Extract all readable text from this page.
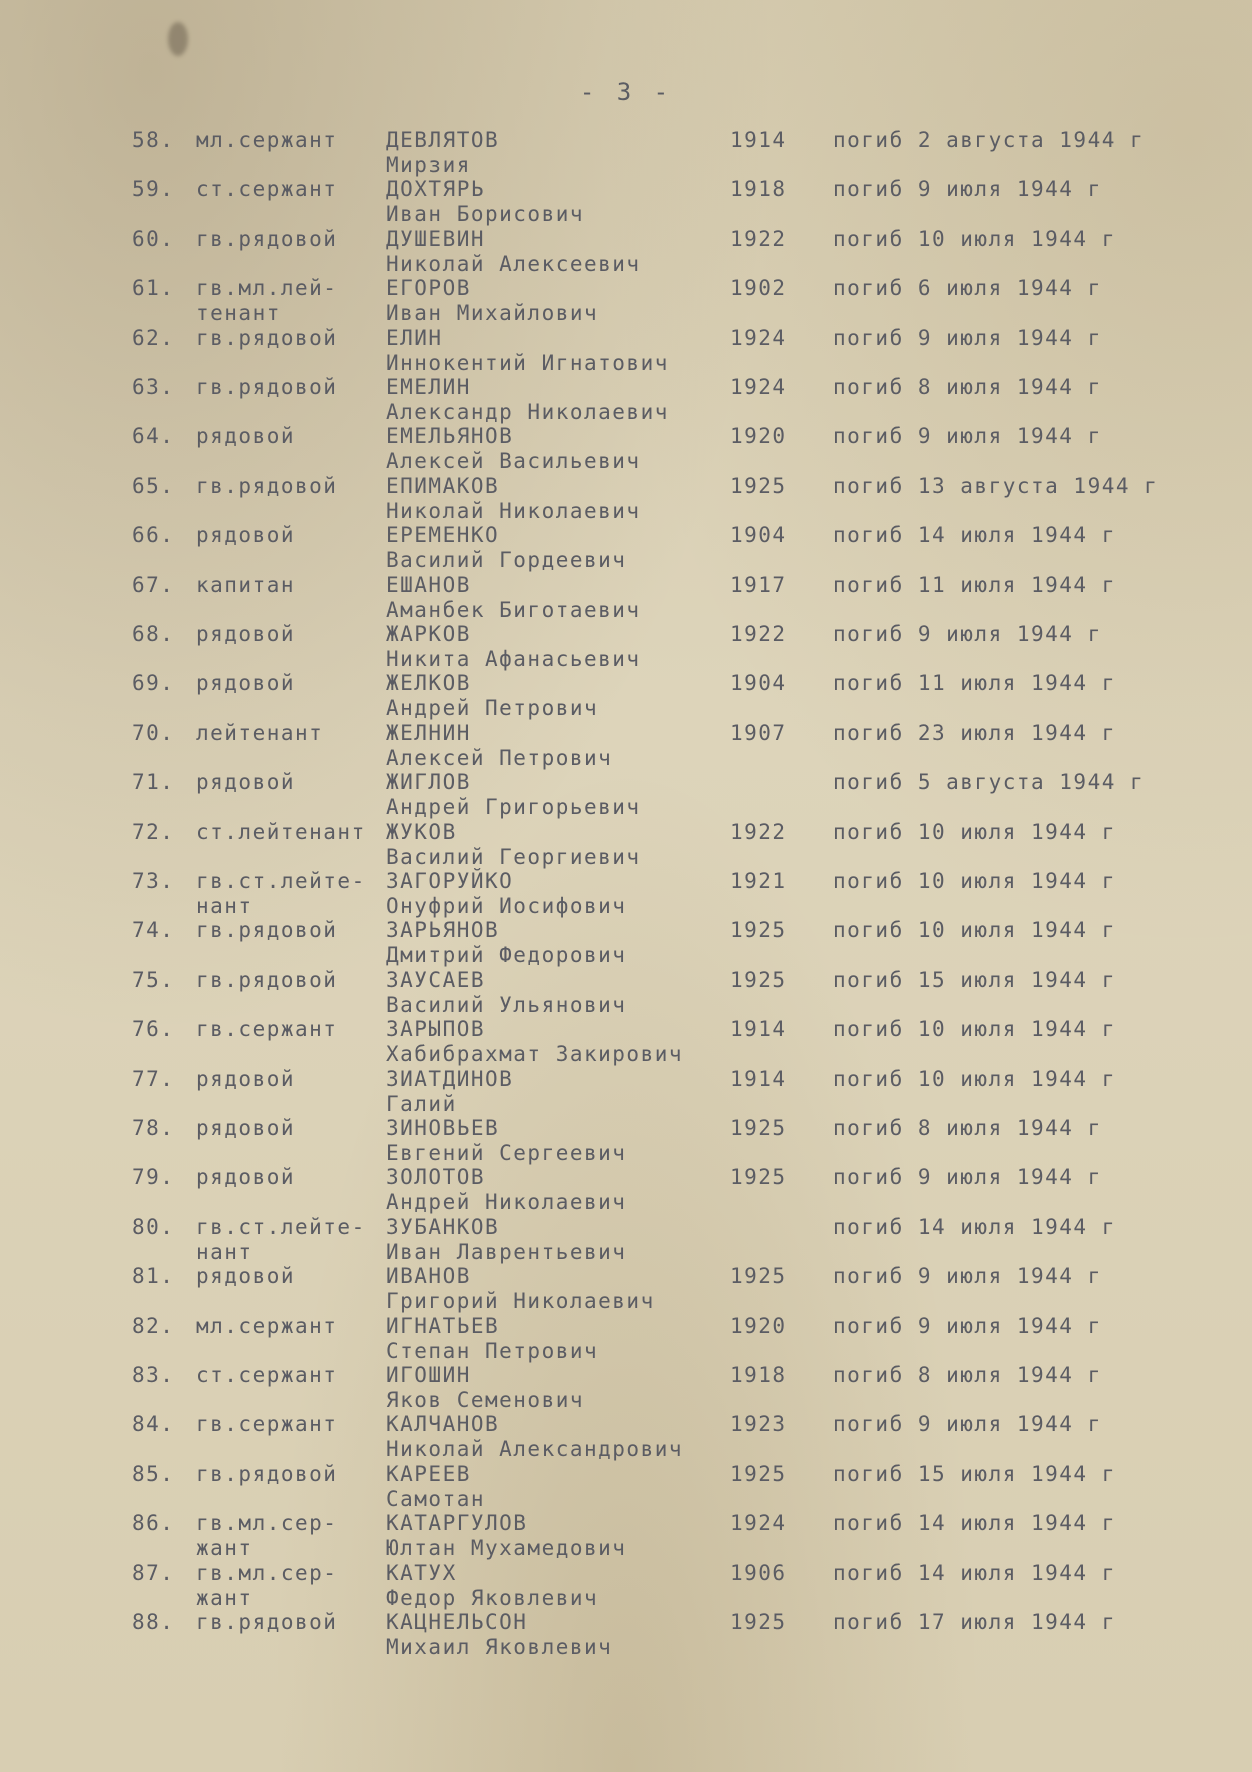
- 3 -
58. мл.сержант	ДЕВЛЯТОВ
Мирзия
1914 погиб 2 августа 1944 г
59. ст.сержант	ДОХТЯРЬ
Иван Борисович
1918 погиб 9 июля 1944 г
60. гв.рядовой	ДУШЕВИН
Николай Алексеевич
1922 погиб 10 июля 1944 г
61. гв.мл.лей-
тенант
ЕГОРОВ
Иван Михайлович
1902 погиб 6 июля 1944 г
62. гв.рядовой	ЕЛИН
Иннокентий Игнатович
1924 погиб 9 июля 1944 г
63. гв.рядовой	ЕМЕЛИН
Александр Николаевич
1924 погиб 8 июля 1944 г
64. рядовой	ЕМЕЛЬЯНОВ
Алексей Васильевич
1920 погиб 9 июля 1944 г
65. гв.рядовой	ЕПИМАКОВ
Николай Николаевич
1925 погиб 13 августа 1944 г
66. рядовой	ЕРЕМЕНКО
Василий Гордеевич
1904 погиб 14 июля 1944 г
67. капитан	ЕШАНОВ
Аманбек Биготаевич
1917 погиб 11 июля 1944 г
68. рядовой	ЖАРКОВ
Никита Афанасьевич
1922 погиб 9 июля 1944 г
69. рядовой	ЖЕЛКОВ
Андрей Петрович
1904 погиб 11 июля 1944 г
70. лейтенант	ЖЕЛНИН
Алексей Петрович
1907 погиб 23 июля 1944 г
71. рядовой	ЖИГЛОВ
Андрей Григорьевич
погиб 5 августа 1944 г
72. ст.лейтенант ЖУКОВ
Василий Георгиевич
1922 погиб 10 июля 1944 г
73. гв.ст.лейте-
нант
ЗАГОРУЙКО
Онуфрий Иосифович
1921 погиб 10 июля 1944 г
74. гв.рядовой	ЗАРЬЯНОВ
Дмитрий Федорович
1925 погиб 10 июля 1944 г
75. гв.рядовой	ЗАУСАЕВ
Василий Ульянович
1925 погиб 15 июля 1944 г
76. гв.сержант	ЗАРЫПОВ
Хабибрахмат Закирович
1914 погиб 10 июля 1944 г
77. рядовой	ЗИАТДИНОВ
Галий
1914 погиб 10 июля 1944 г
78. рядовой	ЗИНОВЬЕВ
Евгений Сергеевич
1925 погиб 8 июля 1944 г
79. рядовой	ЗОЛОТОВ
Андрей Николаевич
1925 погиб 9 июля 1944 г
80. гв.ст.лейте-
нант
ЗУБАНКОВ
Иван Лаврентьевич
погиб 14 июля 1944 г
81. рядовой	ИВАНОВ
Григорий Николаевич
1925 погиб 9 июля 1944 г
82. мл.сержант	ИГНАТЬЕВ
Степан Петрович
1920 погиб 9 июля 1944 г
83. ст.сержант	ИГОШИН
Яков Семенович
1918 погиб 8 июля 1944 г
84. гв.сержант	КАЛЧАНОВ
Николай Александрович
1923 погиб 9 июля 1944 г
85. гв.рядовой	КАРЕЕВ
Самотан
1925 погиб 15 июля 1944 г
86. гв.мл.сер-
жант
КАТАРГУЛОВ
Юлтан Мухамедович
1924 погиб 14 июля 1944 г
87. гв.мл.сер-
жант
КАТУХ
Федор Яковлевич
1906 погиб 14 июля 1944 г
88. гв.рядовой	КАЦНЕЛЬСОН
Михаил Яковлевич
1925 погиб 17 июля 1944 г
